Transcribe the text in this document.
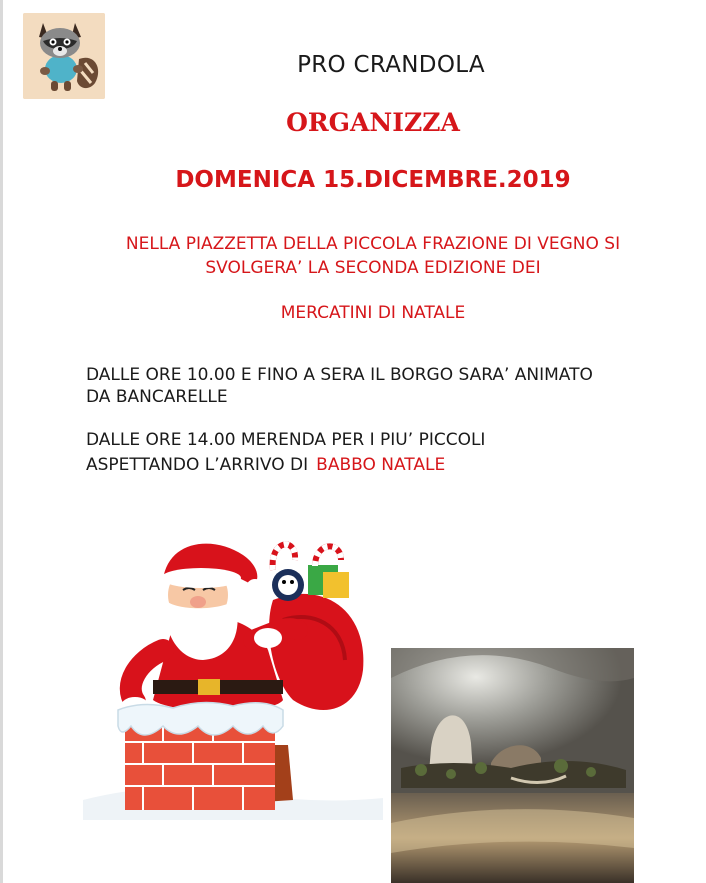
PRO CRANDOLA

ORGANIZZA

DOMENICA 15.DICEMBRE.2019

NELLA PIAZZETTA DELLA PICCOLA FRAZIONE DI VEGNO SI

SVOLGERA’ LA SECONDA EDIZIONE DEI

MERCATINI DI NATALE

DALLE ORE 10.00 E FINO A SERA IL BORGO SARA’ ANIMATO

DA BANCARELLE

DALLE ORE 14.00 MERENDA PER I PIU’ PICCOLI

ASPETTANDO L’ARRIVO DI BABBO NATALE
